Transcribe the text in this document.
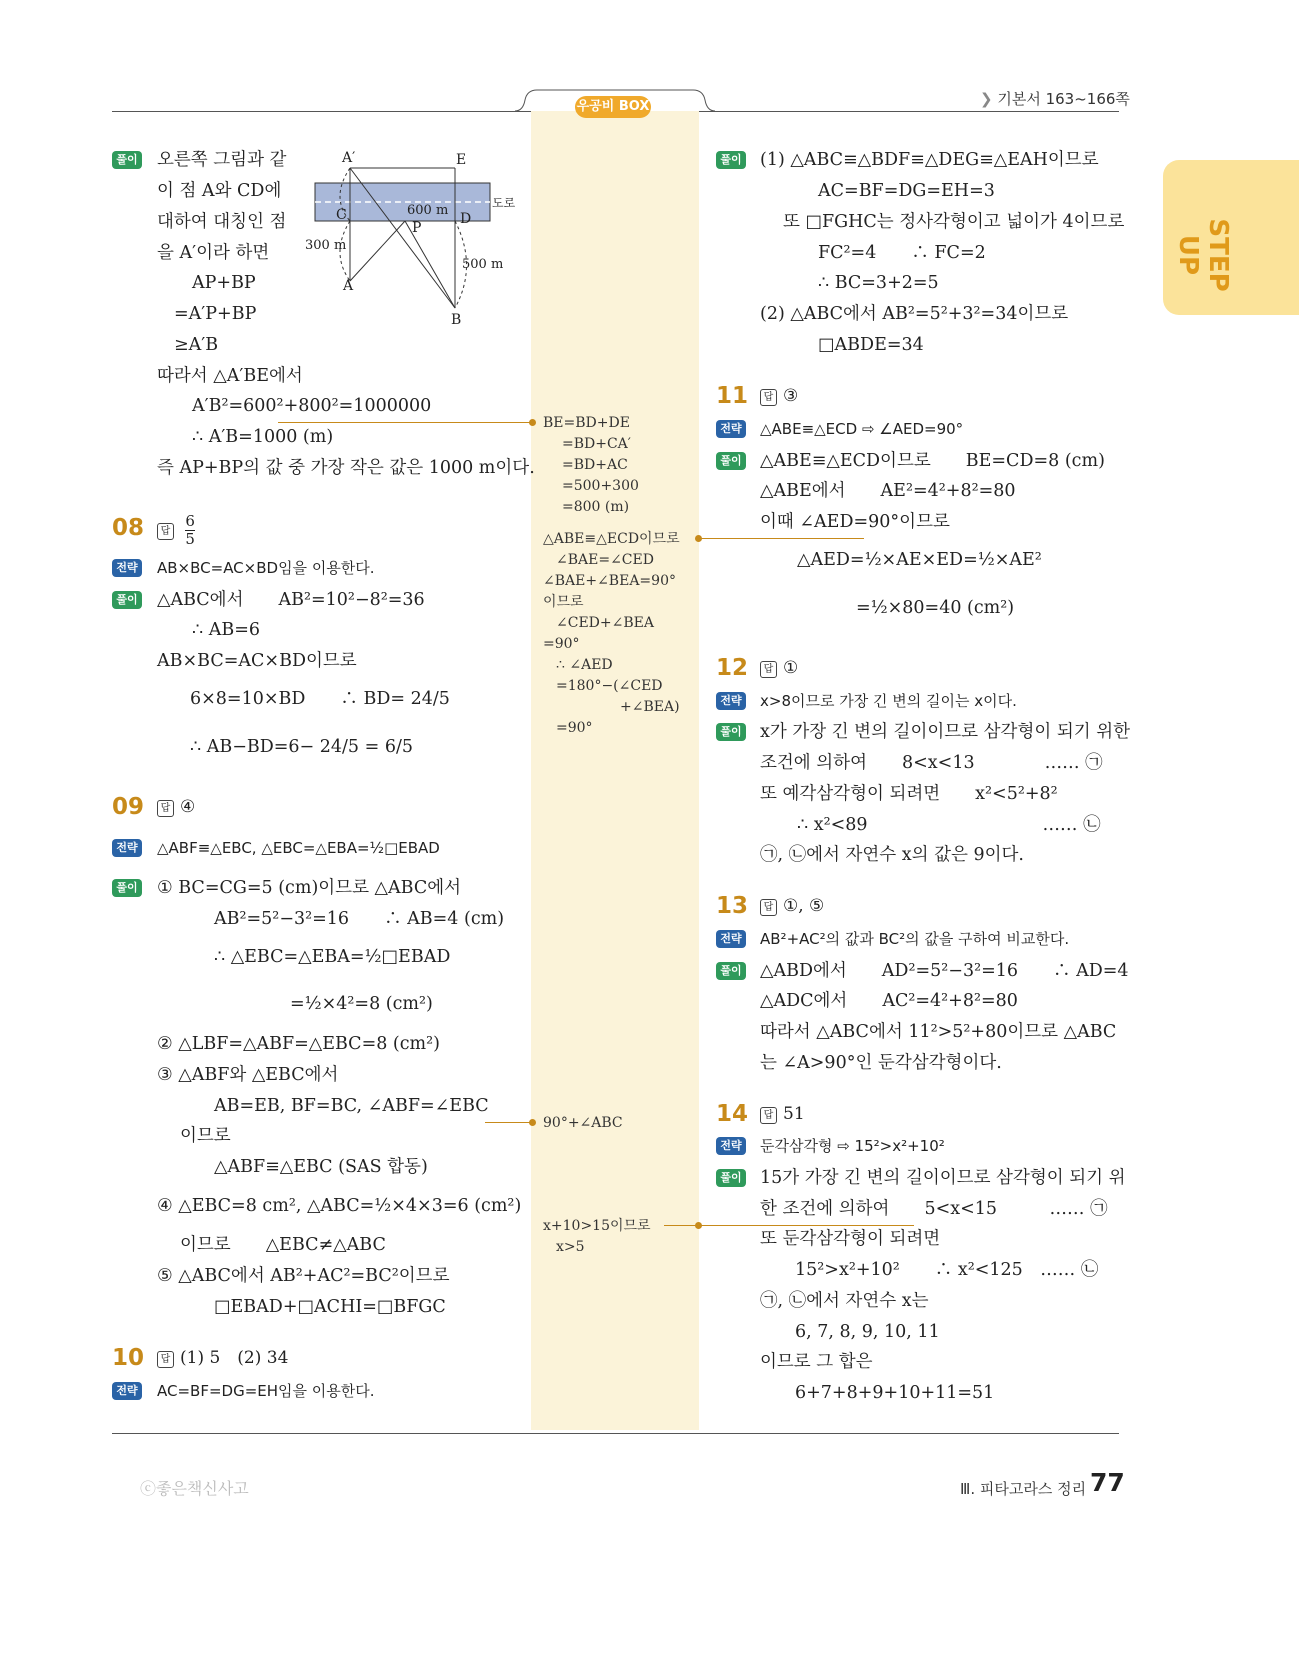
우공비 BOX	❯ 기본서 163~166쪽
STEP UP
풀이 오른쪽 그림과 같
이 점 A와 CD에
대하여 대칭인 점
을 A′이라 하면
AP+BP
=A′P+BP
≥A′B
따라서 △A′BE에서
A′B²=600²+800²=1000000
∴ A′B=1000 (m)
즉 AP+BP의 값 중 가장 작은 값은 1000 m이다.
A′	E
C	D
P
A
B
도로
600 m
300 m
500 m
08	답 $\frac{6}{5}$
전략 AB×BC=AC×BD임을 이용한다.
풀이 △ABC에서　　AB²=10²−8²=36
∴ AB=6
AB×BC=AC×BD이므로
6×8=10×BD　　∴ BD= 24/5
∴ AB−BD=6− 24/5 = 6/5
09	답 ④
전략 △ABF≡△EBC, △EBC=△EBA=½□EBAD
풀이 ① BC=CG=5 (cm)이므로 △ABC에서
AB²=5²−3²=16　　∴ AB=4 (cm)
∴ △EBC=△EBA=½□EBAD
=½×4²=8 (cm²)
② △LBF=△ABF=△EBC=8 (cm²)
③ △ABF와 △EBC에서
AB=EB, BF=BC, ∠ABF=∠EBC
이므로
△ABF≡△EBC (SAS 합동)
④ △EBC=8 cm², △ABC=½×4×3=6 (cm²)
이므로　　△EBC≠△ABC
⑤ △ABC에서 AB²+AC²=BC²이므로
□EBAD+□ACHI=□BFGC
10	답 (1) 5　(2) 34
전략 AC=BF=DG=EH임을 이용한다.
BE=BD+DE
=BD+CA′
=BD+AC
=500+300
=800 (m)
△ABE≡△ECD이므로
∠BAE=∠CED
∠BAE+∠BEA=90°
이므로
∠CED+∠BEA
=90°
∴ ∠AED
=180°−(∠CED
+∠BEA)
=90°
90°+∠ABC
x+10>15이므로
x>5
풀이 (1) △ABC≡△BDF≡△DEG≡△EAH이므로
AC=BF=DG=EH=3
또 □FGHC는 정사각형이고 넓이가 4이므로
FC²=4　　∴ FC=2
∴ BC=3+2=5
(2) △ABC에서 AB²=5²+3²=34이므로
□ABDE=34
11	답 ③
전략 △ABE≡△ECD ⇨ ∠AED=90°
풀이 △ABE≡△ECD이므로　　BE=CD=8 (cm)
△ABE에서　　AE²=4²+8²=80
이때 ∠AED=90°이므로
△AED=½×AE×ED=½×AE²
=½×80=40 (cm²)
12	답 ①
전략 x>8이므로 가장 긴 변의 길이는 x이다.
풀이 x가 가장 긴 변의 길이이므로 삼각형이 되기 위한
조건에 의하여　　8<x<13　　　　…… ㉠
또 예각삼각형이 되려면　　x²<5²+8²
∴ x²<89　　　　　　　　　　…… ㉡
㉠, ㉡에서 자연수 x의 값은 9이다.
13	답 ①, ⑤
전략 AB²+AC²의 값과 BC²의 값을 구하여 비교한다.
풀이 △ABD에서　　AD²=5²−3²=16　　∴ AD=4
△ADC에서　　AC²=4²+8²=80
따라서 △ABC에서 11²>5²+80이므로 △ABC
는 ∠A>90°인 둔각삼각형이다.
14	답 51
전략 둔각삼각형 ⇨ 15²>x²+10²
풀이 15가 가장 긴 변의 길이이므로 삼각형이 되기 위
한 조건에 의하여　　5<x<15　　　…… ㉠
또 둔각삼각형이 되려면
15²>x²+10²　　∴ x²<125　…… ㉡
㉠, ㉡에서 자연수 x는
6, 7, 8, 9, 10, 11
이므로 그 합은
6+7+8+9+10+11=51
ⓒ좋은책신사고	Ⅲ. 피타고라스 정리 77
